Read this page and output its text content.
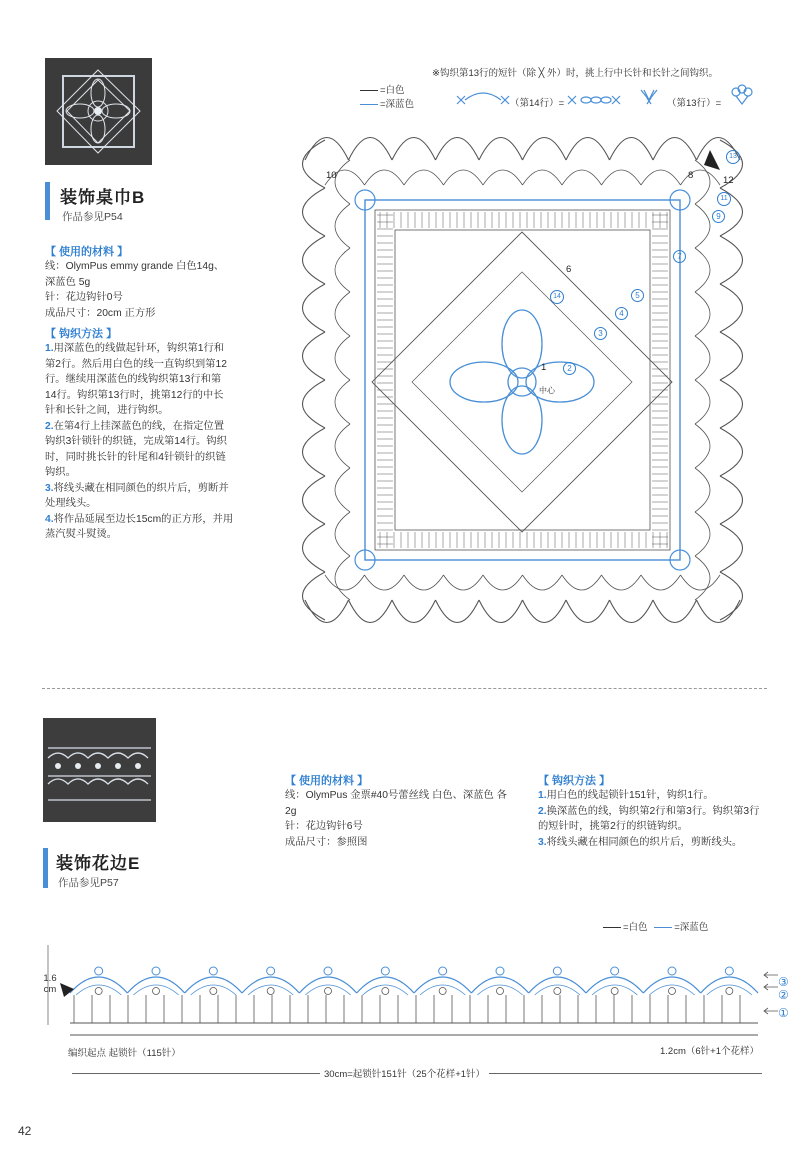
装饰桌巾B
作品参见P54
【 使用的材料 】
线：OlymPus emmy grande 白色14g、
深蓝色 5g
针：花边钩针0号
成品尺寸：20cm 正方形
【 钩织方法 】
1.用深蓝色的线做起针环，钩织第1行和
第2行。然后用白色的线一直钩织到第12
行。继续用深蓝色的线钩织第13行和第
14行。钩织第13行时，挑第12行的中长
针和长针之间，进行钩织。
2.在第4行上挂深蓝色的线，在指定位置
钩织3针锁针的织链，完成第14行。钩织
时，同时挑长针的针尾和4针锁针的织链
钩织。
3.将线头藏在相同颜色的织片后，剪断并
处理线头。
4.将作品延展至边长15cm的正方形，并用
蒸汽熨斗熨烫。
※钩织第13行的短针（除 ╳ 外）时，挑上行中长针和长针之间钩织。
=白色
=深蓝色	（第14行）=	（第13行）=
1	2
3
4
5
6
7
8
9
10
11
12
13
14
中心
装饰花边E
作品参见P57
【 使用的材料 】
线：OlymPus 金票#40号蕾丝线 白色、深蓝色 各
2g
针：花边钩针6号
成品尺寸：参照图
【 钩织方法 】
1.用白色的线起锁针151针，钩织1行。
2.换深蓝色的线，钩织第2行和第3行。钩织第3行
的短针时，挑第2行的织链钩织。
3.将线头藏在相同颜色的织片后，剪断线头。
=白色	=深蓝色
1.6
cm
③
②
①
编织起点 起锁针（115针）	1.2cm（6针+1个花样）
30cm=起锁针151针（25个花样+1针）
42
